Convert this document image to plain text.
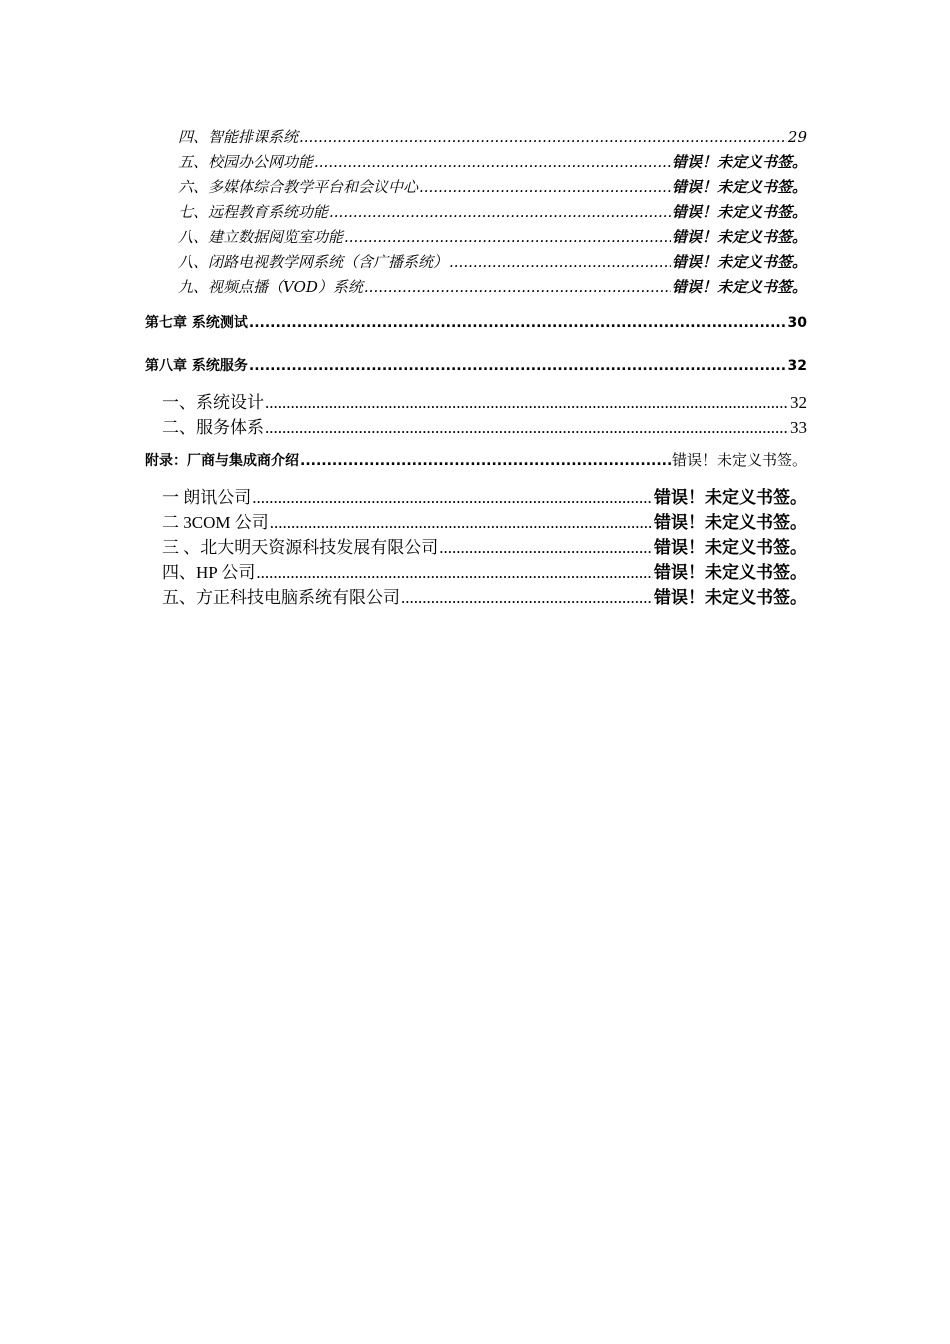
四、智能排课系统 .....	29
五、校园办公网功能 .....	错误！未定义书签。
六、多媒体综合教学平台和会议中心 .....	错误！未定义书签。
七、远程教育系统功能 .....	错误！未定义书签。
八、建立数据阅览室功能 .....	错误！未定义书签。
八、闭路电视教学网系统（含广播系统） .....	错误！未定义书签。
九、视频点播（VOD）系统 .....	错误！未定义书签。
第七章 系统测试 .....	30
第八章 系统服务 .....	32
一、系统设计 .....	32
二、服务体系 .....	33
附录：厂商与集成商介绍 .....	错误！未定义书签。
一 朗讯公司 .....	错误！未定义书签。
二 3COM 公司 .....	错误！未定义书签。
三 、北大明天资源科技发展有限公司 .....	错误！未定义书签。
四、HP 公司 .....	错误！未定义书签。
五、方正科技电脑系统有限公司 .....	错误！未定义书签。
